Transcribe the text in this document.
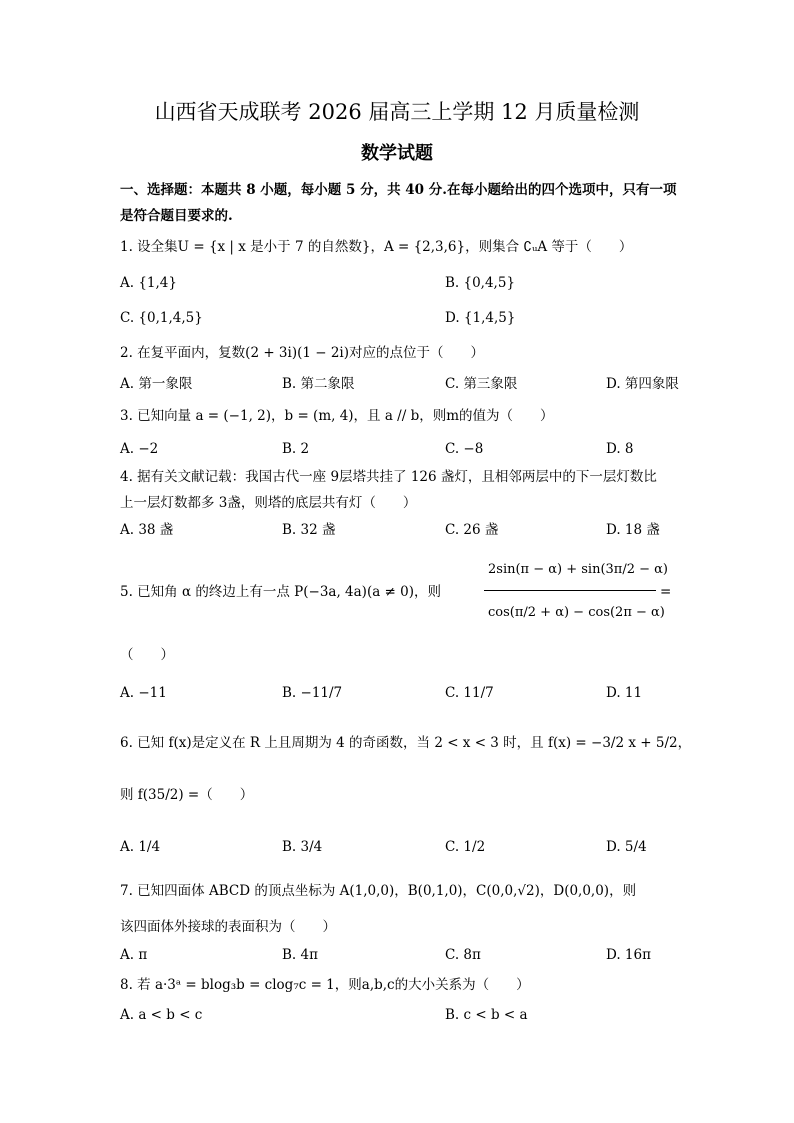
山西省天成联考 2026 届高三上学期 12 月质量检测
数学试题
一、选择题：本题共 8 小题，每小题 5 分，共 40 分.在每小题给出的四个选项中，只有一项
是符合题目要求的.
1. 设全集U = {x | x 是小于 7 的自然数}，A = {2,3,6}，则集合 ∁ᵤA 等于（　　）
A. {1,4}	B. {0,4,5}
C. {0,1,4,5}	D. {1,4,5}
2. 在复平面内，复数(2 + 3i)(1 − 2i)对应的点位于（　　）
A. 第一象限	B. 第二象限	C. 第三象限	D. 第四象限
3. 已知向量 a = (−1, 2)，b = (m, 4)，且 a // b，则m的值为（　　）
A. −2	B. 2	C. −8	D. 8
4. 据有关文献记载：我国古代一座 9层塔共挂了 126 盏灯，且相邻两层中的下一层灯数比
上一层灯数都多 3盏，则塔的底层共有灯（　　）
A. 38 盏	B. 32 盏	C. 26 盏	D. 18 盏
5. 已知角 α 的终边上有一点 P(−3a, 4a)(a ≠ 0)，则
2sin(π − α) + sin(3π/2 − α)
cos(π/2 + α) − cos(2π − α)
=
（　　）
A. −11	B. −11/7	C. 11/7	D. 11
6. 已知 f(x)是定义在 R 上且周期为 4 的奇函数，当 2 < x < 3 时，且 f(x) = −3/2 x + 5/2，
则 f(35/2) =（　　）
A. 1/4	B. 3/4	C. 1/2	D. 5/4
7. 已知四面体 ABCD 的顶点坐标为 A(1,0,0)，B(0,1,0)，C(0,0,√2)，D(0,0,0)，则
该四面体外接球的表面积为（　　）
A. π	B. 4π	C. 8π	D. 16π
8. 若 a·3ᵃ = blog₃b = clog₇c = 1，则a,b,c的大小关系为（　　）
A. a < b < c	B. c < b < a
